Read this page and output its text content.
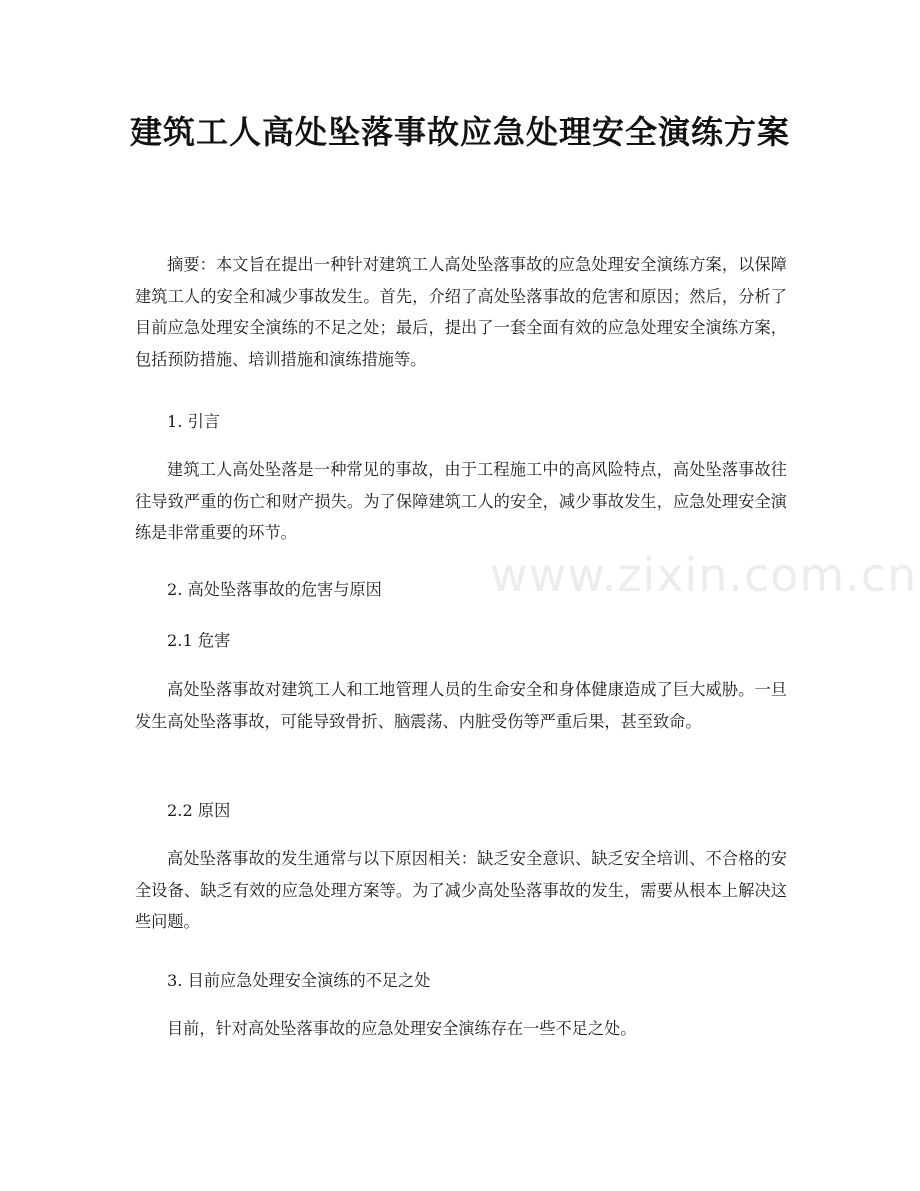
www.zixin.com.cn
建筑工人高处坠落事故应急处理安全演练方案

摘要：本文旨在提出一种针对建筑工人高处坠落事故的应急处理安全演练方案，以保障建筑工人的安全和减少事故发生。首先，介绍了高处坠落事故的危害和原因；然后，分析了目前应急处理安全演练的不足之处；最后，提出了一套全面有效的应急处理安全演练方案，包括预防措施、培训措施和演练措施等。

1. 引言

建筑工人高处坠落是一种常见的事故，由于工程施工中的高风险特点，高处坠落事故往往导致严重的伤亡和财产损失。为了保障建筑工人的安全，减少事故发生，应急处理安全演练是非常重要的环节。

2. 高处坠落事故的危害与原因

2.1 危害

高处坠落事故对建筑工人和工地管理人员的生命安全和身体健康造成了巨大威胁。一旦发生高处坠落事故，可能导致骨折、脑震荡、内脏受伤等严重后果，甚至致命。

2.2 原因

高处坠落事故的发生通常与以下原因相关：缺乏安全意识、缺乏安全培训、不合格的安全设备、缺乏有效的应急处理方案等。为了减少高处坠落事故的发生，需要从根本上解决这些问题。

3. 目前应急处理安全演练的不足之处

目前，针对高处坠落事故的应急处理安全演练存在一些不足之处。
